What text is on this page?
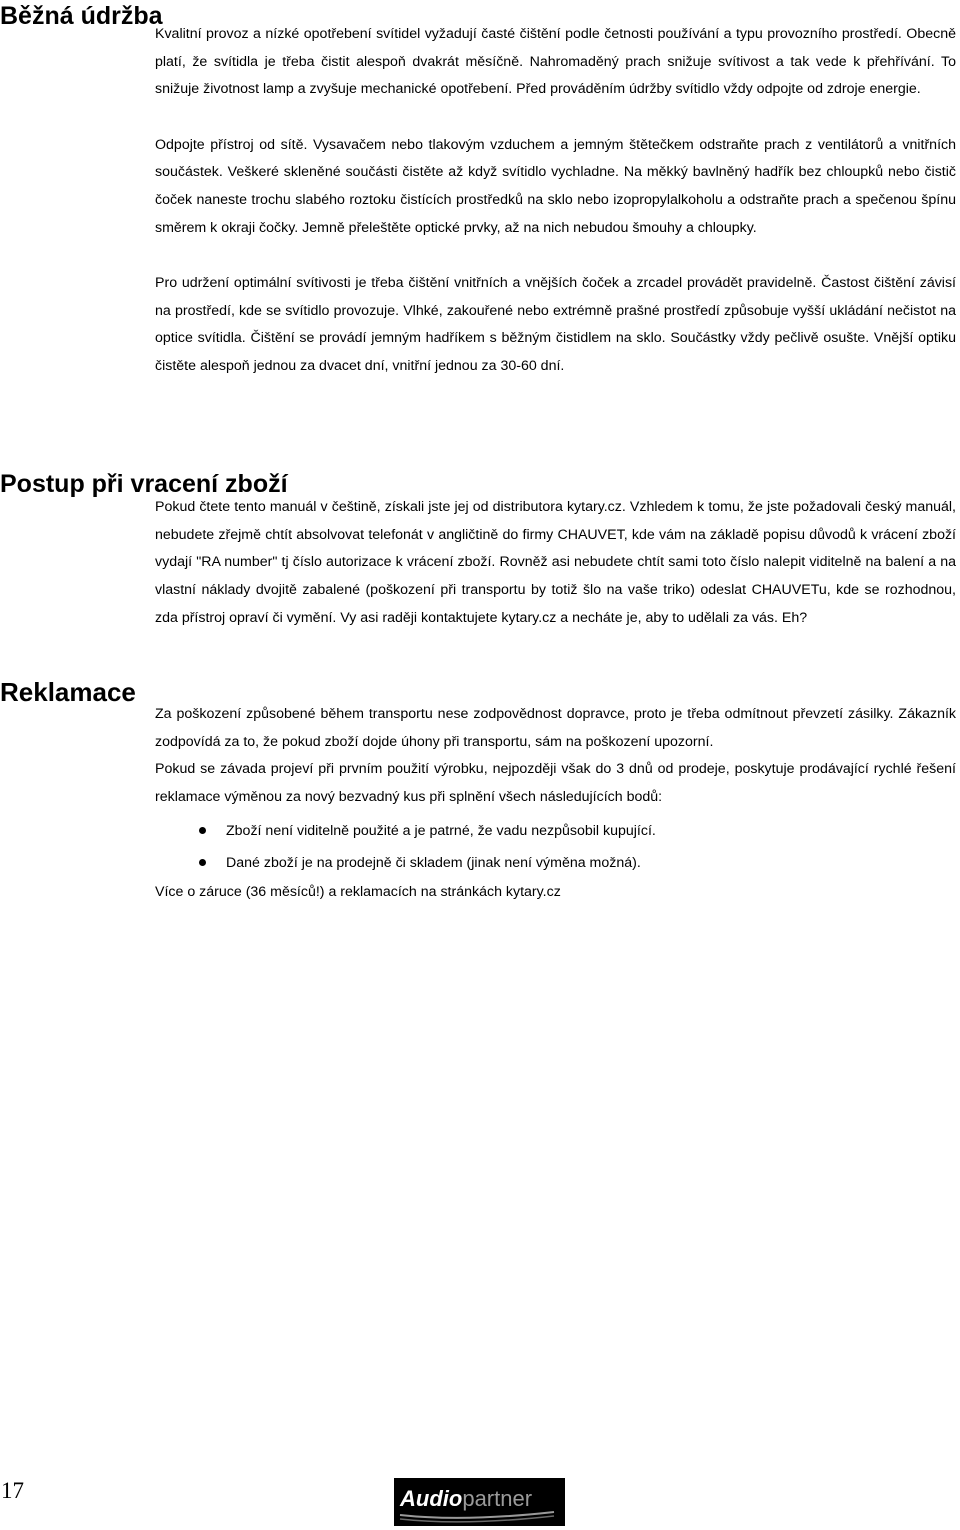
Běžná údržba

Kvalitní provoz a nízké opotřebení svítidel vyžadují časté čištění podle četnosti používání a typu provozního prostředí. Obecně platí, že svítidla je třeba čistit alespoň dvakrát měsíčně. Nahromaděný prach snižuje svítivost a tak vede k přehřívání. To snižuje životnost lamp a zvyšuje mechanické opotřebení. Před prováděním údržby svítidlo vždy odpojte od zdroje energie.

Odpojte přístroj od sítě. Vysavačem nebo tlakovým vzduchem a jemným štětečkem odstraňte prach z ventilátorů a vnitřních součástek. Veškeré skleněné součásti čistěte až když svítidlo vychladne. Na měkký bavlněný hadřík bez chloupků nebo čistič čoček naneste trochu slabého roztoku čistících prostředků na sklo nebo izopropylalkoholu a odstraňte prach a spečenou špínu směrem k okraji čočky. Jemně přeleštěte optické prvky, až na nich nebudou šmouhy a chloupky.

Pro udržení optimální svítivosti je třeba čištění vnitřních a vnějších čoček a zrcadel provádět pravidelně. Častost čištění závisí na prostředí, kde se svítidlo provozuje. Vlhké, zakouřené nebo extrémně prašné prostředí způsobuje vyšší ukládání nečistot na optice svítidla. Čištění se provádí jemným hadříkem s běžným čistidlem na sklo. Součástky vždy pečlivě osušte. Vnější optiku čistěte alespoň jednou za dvacet dní, vnitřní jednou za 30-60 dní.

Postup při vracení zboží

Pokud čtete tento manuál v češtině, získali jste jej od distributora kytary.cz. Vzhledem k tomu, že jste požadovali český manuál, nebudete zřejmě chtít absolvovat telefonát v angličtině do firmy CHAUVET, kde vám na základě popisu důvodů k vrácení zboží vydají "RA number" tj číslo autorizace k vrácení zboží. Rovněž asi nebudete chtít sami toto číslo nalepit viditelně na balení a na vlastní náklady dvojitě zabalené (poškození při transportu by totiž šlo na vaše triko) odeslat CHAUVETu, kde se rozhodnou, zda přístroj opraví či vymění. Vy asi raději kontaktujete kytary.cz a necháte je, aby to udělali za vás. Eh?

Reklamace

Za poškození způsobené během transportu nese zodpovědnost dopravce, proto je třeba odmítnout převzetí zásilky. Zákazník zodpovídá za to, že pokud zboží dojde úhony při transportu, sám na poškození upozorní.

Pokud se závada projeví při prvním použití výrobku, nejpozději však do 3 dnů od prodeje, poskytuje prodávající rychlé řešení reklamace výměnou za nový bezvadný kus při splnění všech následujících bodů:

Zboží není viditelně použité a je patrné, že vadu nezpůsobil kupující.
Dané zboží je na prodejně či skladem (jinak není výměna možná).

Více o záruce (36 měsíců!) a reklamacích na stránkách kytary.cz

17	Audiopartner
